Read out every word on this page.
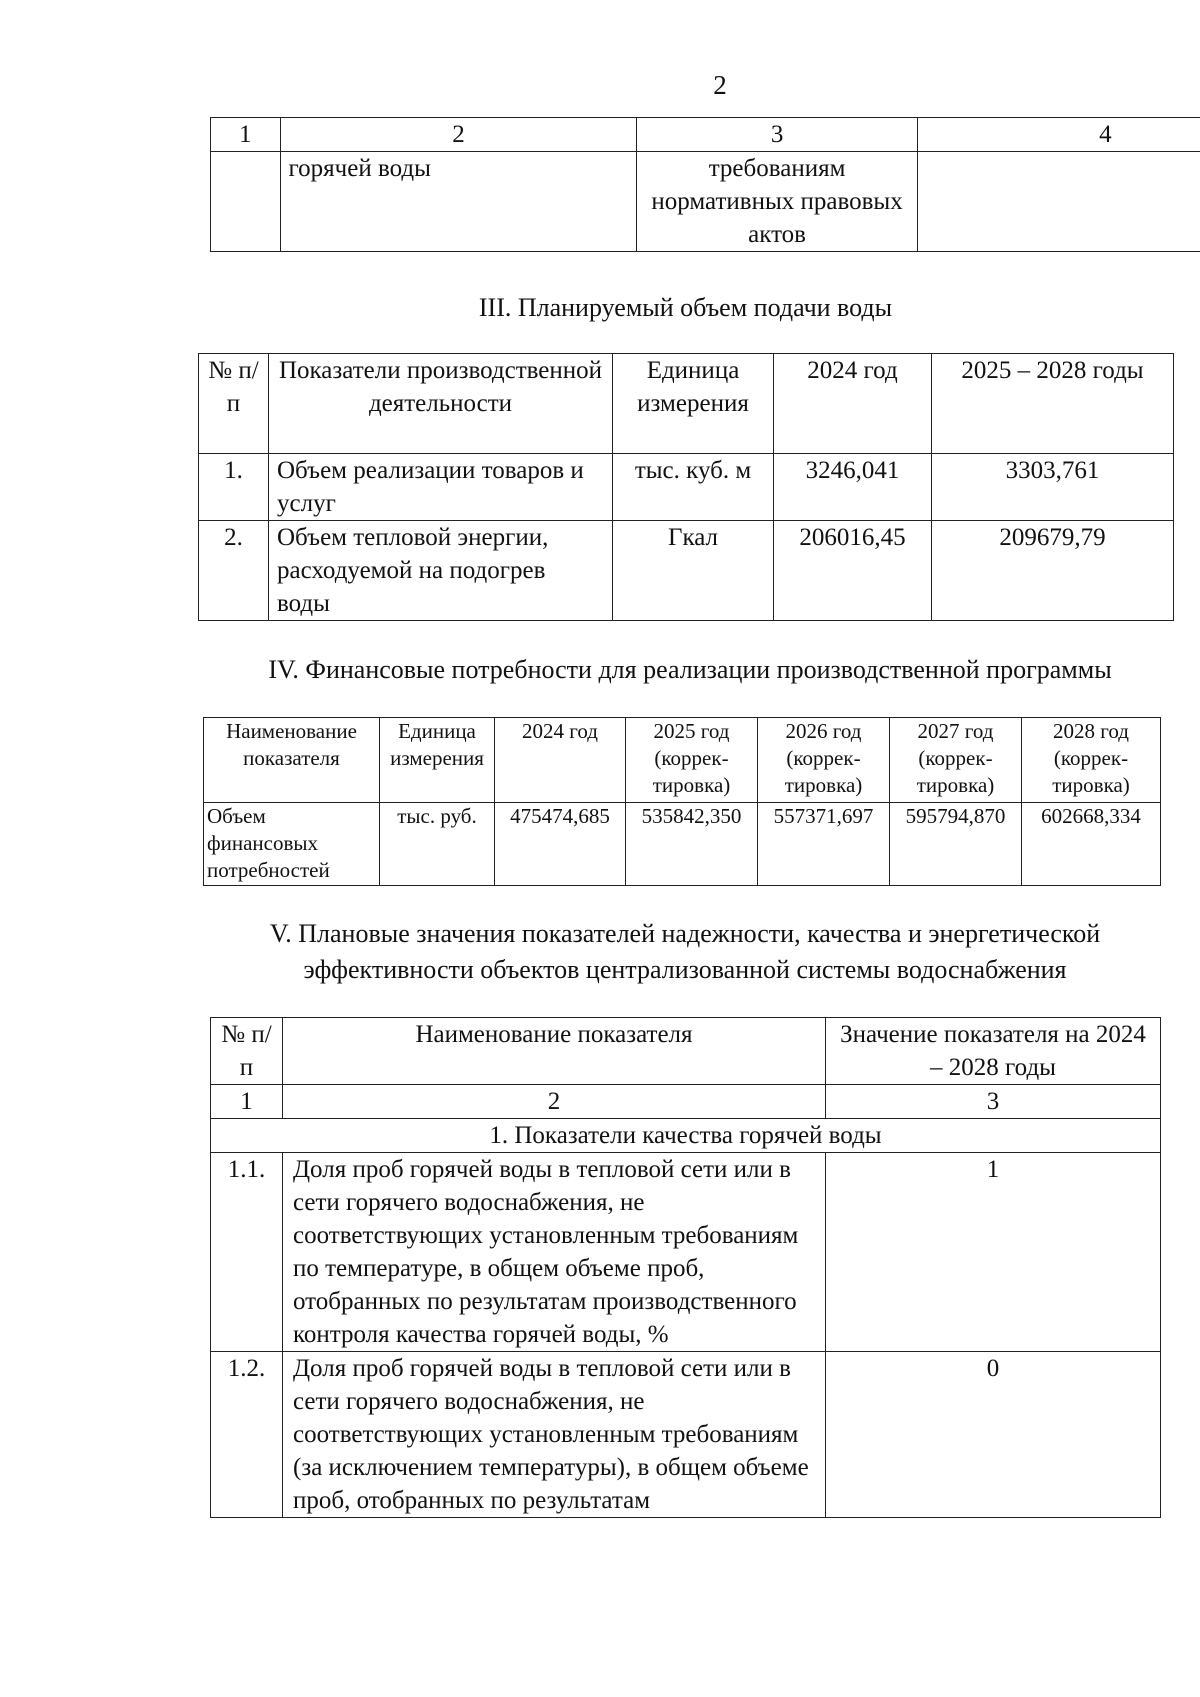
2
1	2	3	4
	горячей воды	требованиям нормативных правовых актов	
III. Планируемый объем подачи воды
№ п/п	Показатели производственной деятельности	Единица измерения	2024 год	2025 – 2028 годы
1.	Объем реализации товаров и услуг	тыс. куб. м	3246,041	3303,761
2.	Объем тепловой энергии, расходуемой на подогрев воды	Гкал	206016,45	209679,79
IV. Финансовые потребности для реализации производственной программы
Наименование показателя	Единица измерения	2024 год	2025 год (коррек-тировка)	2026 год (коррек-тировка)	2027 год (коррек-тировка)	2028 год (коррек-тировка)
Объем финансовых потребностей	тыс. руб.	475474,685	535842,350	557371,697	595794,870	602668,334
V. Плановые значения показателей надежности, качества и энергетической
эффективности объектов централизованной системы водоснабжения
№ п/п	Наименование показателя	Значение показателя на 2024 – 2028 годы
1	2	3
1. Показатели качества горячей воды		
1.1.	Доля проб горячей воды в тепловой сети или в сети горячего водоснабжения, не соответствующих установленным требованиям по температуре, в общем объеме проб, отобранных по результатам производственного контроля качества горячей воды, %	1
1.2.	Доля проб горячей воды в тепловой сети или в сети горячего водоснабжения, не соответствующих установленным требованиям (за исключением температуры), в общем объеме проб, отобранных по результатам	0
